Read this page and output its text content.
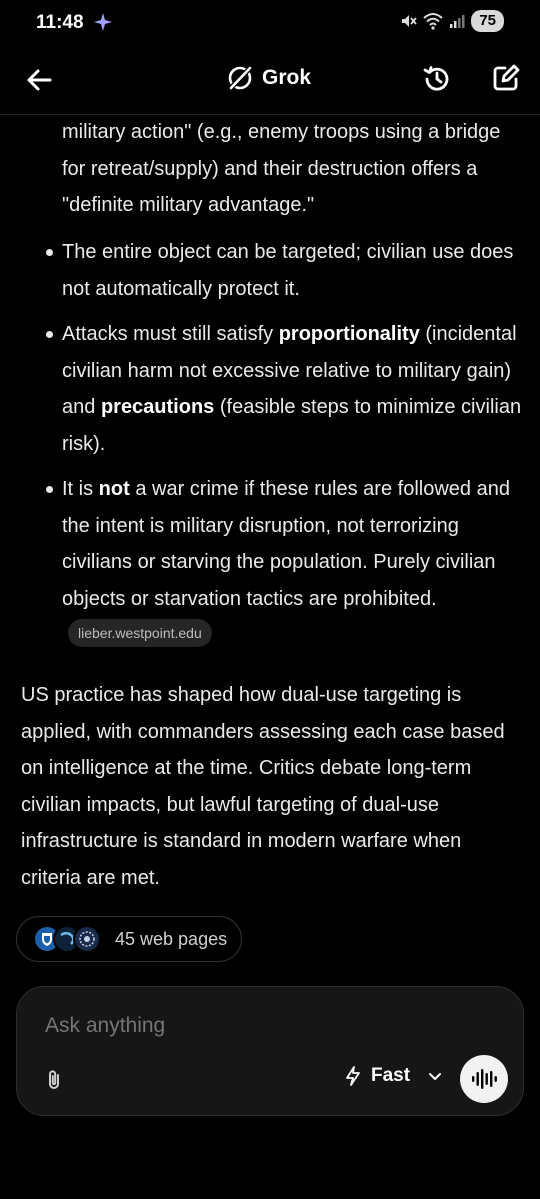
11:48	75
Grok
military action" (e.g., enemy troops using a bridge for retreat/supply) and their destruction offers a "definite military advantage."
The entire object can be targeted; civilian use does not automatically protect it.
Attacks must still satisfy proportionality (incidental civilian harm not excessive relative to military gain) and precautions (feasible steps to minimize civilian risk).
It is not a war crime if these rules are followed and the intent is military disruption, not terrorizing civilians or starving the population. Purely civilian objects or starvation tactics are prohibited.lieber.westpoint.edu
US practice has shaped how dual-use targeting is applied, with commanders assessing each case based on intelligence at the time. Critics debate long-term civilian impacts, but lawful targeting of dual-use infrastructure is standard in modern warfare when criteria are met.
45 web pages
Ask anything
Fast
